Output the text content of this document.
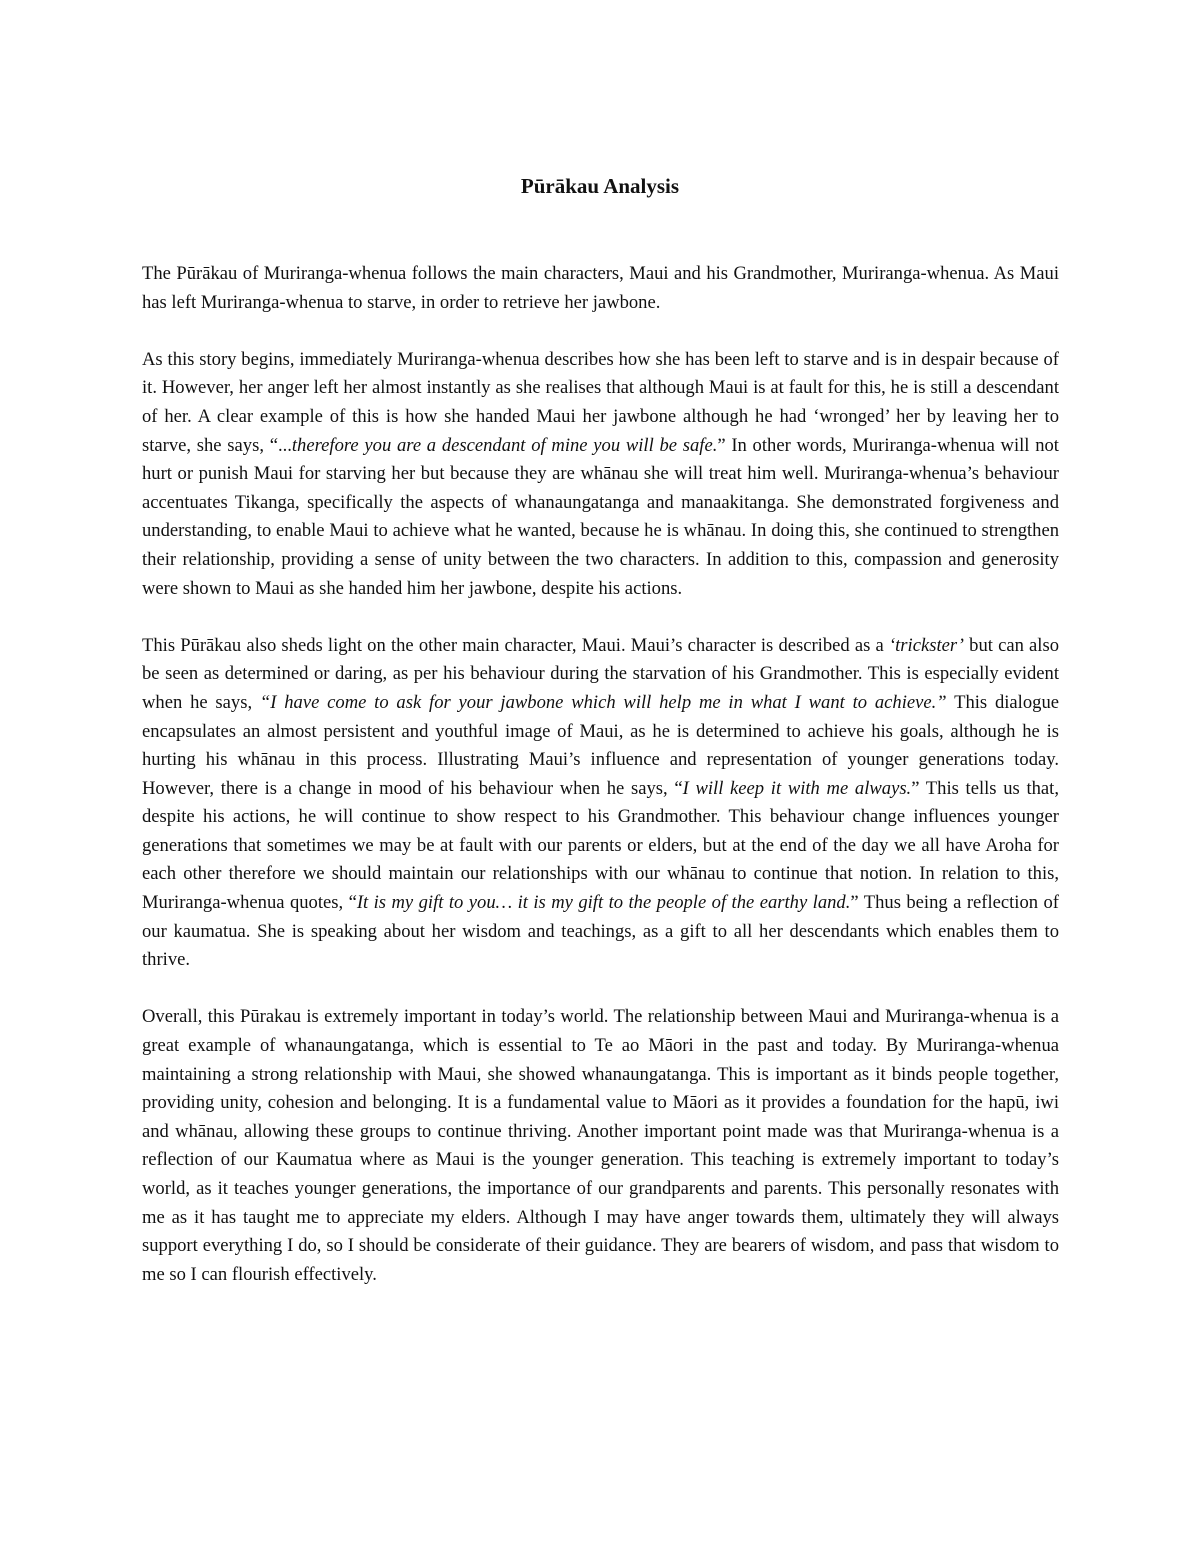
Pūrākau Analysis

The Pūrākau of Muriranga-whenua follows the main characters, Maui and his Grandmother, Muriranga-whenua. As Maui has left Muriranga-whenua to starve, in order to retrieve her jawbone.

As this story begins, immediately Muriranga-whenua describes how she has been left to starve and is in despair because of it. However, her anger left her almost instantly as she realises that although Maui is at fault for this, he is still a descendant of her. A clear example of this is how she handed Maui her jawbone although he had ‘wronged’ her by leaving her to starve, she says, “...therefore you are a descendant of mine you will be safe.” In other words, Muriranga-whenua will not hurt or punish Maui for starving her but because they are whānau she will treat him well. Muriranga-whenua’s behaviour accentuates Tikanga, specifically the aspects of whanaungatanga and manaakitanga. She demonstrated forgiveness and understanding, to enable Maui to achieve what he wanted, because he is whānau. In doing this, she continued to strengthen their relationship, providing a sense of unity between the two characters. In addition to this, compassion and generosity were shown to Maui as she handed him her jawbone, despite his actions.

This Pūrākau also sheds light on the other main character, Maui. Maui’s character is described as a ‘trickster’ but can also be seen as determined or daring, as per his behaviour during the starvation of his Grandmother. This is especially evident when he says, “I have come to ask for your jawbone which will help me in what I want to achieve.” This dialogue encapsulates an almost persistent and youthful image of Maui, as he is determined to achieve his goals, although he is hurting his whānau in this process. Illustrating Maui’s influence and representation of younger generations today. However, there is a change in mood of his behaviour when he says, “I will keep it with me always.” This tells us that, despite his actions, he will continue to show respect to his Grandmother. This behaviour change influences younger generations that sometimes we may be at fault with our parents or elders, but at the end of the day we all have Aroha for each other therefore we should maintain our relationships with our whānau to continue that notion. In relation to this, Muriranga-whenua quotes, “It is my gift to you… it is my gift to the people of the earthy land.” Thus being a reflection of our kaumatua. She is speaking about her wisdom and teachings, as a gift to all her descendants which enables them to thrive.

Overall, this Pūrakau is extremely important in today’s world. The relationship between Maui and Muriranga-whenua is a great example of whanaungatanga, which is essential to Te ao Māori in the past and today. By Muriranga-whenua maintaining a strong relationship with Maui, she showed whanaungatanga. This is important as it binds people together, providing unity, cohesion and belonging. It is a fundamental value to Māori as it provides a foundation for the hapū, iwi and whānau, allowing these groups to continue thriving. Another important point made was that Muriranga-whenua is a reflection of our Kaumatua where as Maui is the younger generation. This teaching is extremely important to today’s world, as it teaches younger generations, the importance of our grandparents and parents. This personally resonates with me as it has taught me to appreciate my elders. Although I may have anger towards them, ultimately they will always support everything I do, so I should be considerate of their guidance. They are bearers of wisdom, and pass that wisdom to me so I can flourish effectively.
